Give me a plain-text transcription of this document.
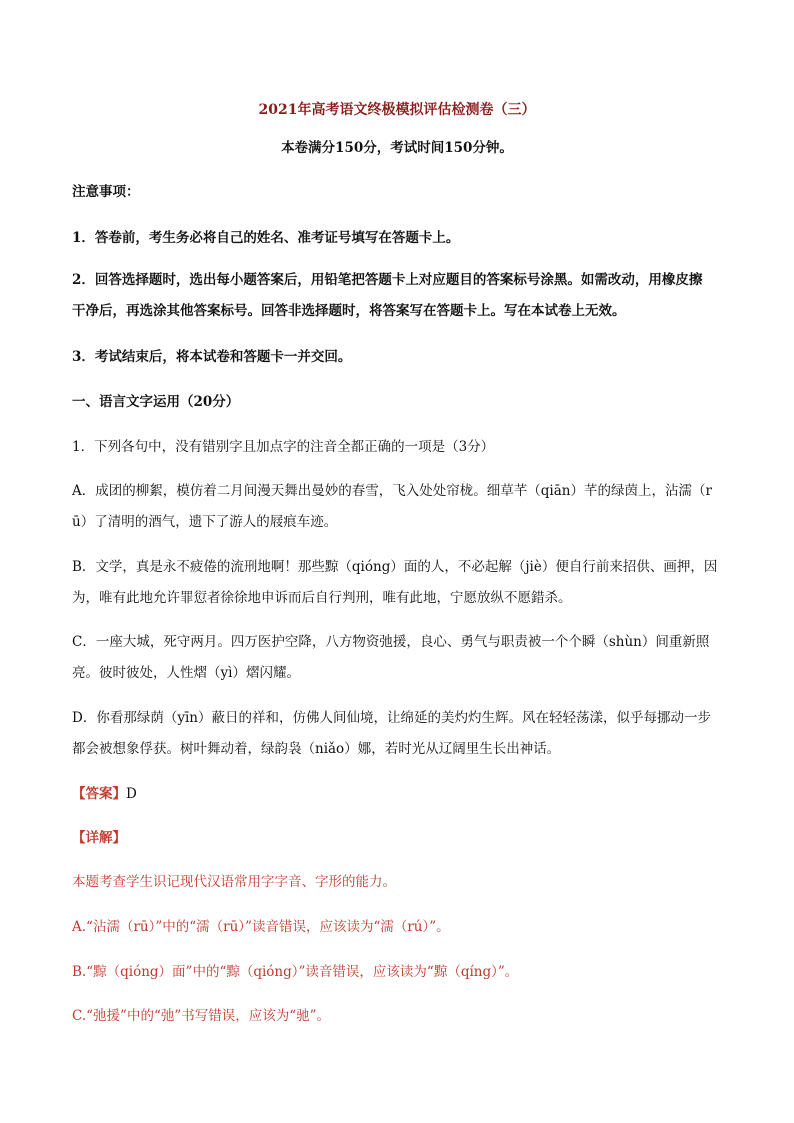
2021年高考语文终极模拟评估检测卷（三）
本卷满分150分，考试时间150分钟。
注意事项：
1．答卷前，考生务必将自己的姓名、准考证号填写在答题卡上。
2．回答选择题时，选出每小题答案后，用铅笔把答题卡上对应题目的答案标号涂黑。如需改动，用橡皮擦
干净后，再选涂其他答案标号。回答非选择题时，将答案写在答题卡上。写在本试卷上无效。
3．考试结束后，将本试卷和答题卡一并交回。
一、语言文字运用（20分）
1．下列各句中，没有错别字且加点字的注音全都正确的一项是（3分）
A．成团的柳絮，模仿着二月间漫天舞出曼妙的春雪，飞入处处帘栊。细草芊（qiān）芊的绿茵上，沾濡（r
ū）了清明的酒气，遗下了游人的屐痕车迹。
B．文学，真是永不疲倦的流刑地啊！那些黥（qióng）面的人，不必起解（jiè）便自行前来招供、画押，因
为，唯有此地允许罪愆者徐徐地申诉而后自行判刑，唯有此地，宁愿放纵不愿錯杀。
C．一座大城，死守两月。四万医护空降，八方物资弛援，良心、勇气与职责被一个个瞬（shùn）间重新照
亮。彼时彼处，人性熠（yì）熠闪耀。
D．你看那绿荫（yīn）蔽日的祥和，仿佛人间仙境，让绵延的美灼灼生辉。风在轻轻荡漾，似乎每挪动一步
都会被想象俘获。树叶舞动着，绿韵袅（niǎo）娜，若时光从辽阔里生长出神话。
【答案】D
【详解】
本题考查学生识记现代汉语常用字字音、字形的能力。
A.“沾濡（rū）”中的“濡（rū）”读音错误，应该读为“濡（rú）”。
B.“黥（qióng）面”中的“黥（qióng）”读音错误，应该读为“黥（qíng）”。
C.“弛援”中的“弛”书写错误，应该为“驰”。
